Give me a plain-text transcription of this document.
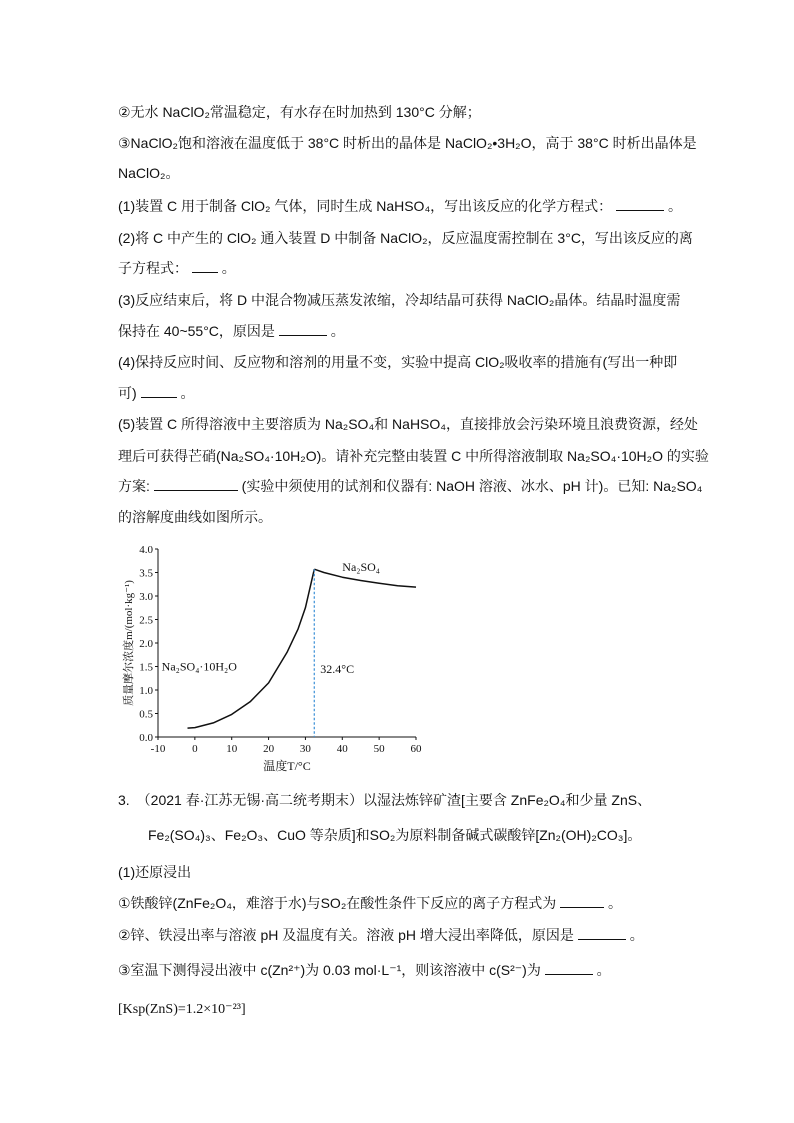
②无水 NaClO₂常温稳定，有水存在时加热到 130°C 分解；
③NaClO₂饱和溶液在温度低于 38°C 时析出的晶体是 NaClO₂•3H₂O，高于 38°C 时析出晶体是
NaClO₂。
(1)装置 C 用于制备 ClO₂ 气体，同时生成 NaHSO₄，写出该反应的化学方程式：	。
(2)将 C 中产生的 ClO₂ 通入装置 D 中制备 NaClO₂，反应温度需控制在 3°C，写出该反应的离
子方程式： 。
(3)反应结束后，将 D 中混合物减压蒸发浓缩，冷却结晶可获得 NaClO₂晶体。结晶时温度需
保持在 40~55°C，原因是	。
(4)保持反应时间、反应物和溶剂的用量不变，实验中提高 ClO₂吸收率的措施有(写出一种即
可)	。
(5)装置 C 所得溶液中主要溶质为 Na₂SO₄和 NaHSO₄，直接排放会污染环境且浪费资源，经处
理后可获得芒硝(Na₂SO₄·10H₂O)。请补充完整由装置 C 中所得溶液制取 Na₂SO₄·10H₂O 的实验
方案:	(实验中须使用的试剂和仪器有: NaOH 溶液、冰水、pH 计)。已知: Na₂SO₄
的溶解度曲线如图所示。
-10 0	10 20 30 40 50 60
0.0
0.5
1.0
1.5
2.0
2.5
3.0
3.5
4.0
Na₂SO₄·10H₂O
Na₂SO₄
32.4°C
温度T/°C
质量摩尔浓度m/(mol·kg⁻¹)
3.　（2021 春·江苏无锡·高二统考期末）以湿法炼锌矿渣[主要含 ZnFe₂O₄和少量 ZnS、
Fe₂(SO₄)₃、Fe₂O₃、CuO 等杂质]和SO₂为原料制备碱式碳酸锌[Zn₂(OH)₂CO₃]。
(1)还原浸出
①铁酸锌(ZnFe₂O₄，难溶于水)与SO₂在酸性条件下反应的离子方程式为	。
②锌、铁浸出率与溶液 pH 及温度有关。溶液 pH 增大浸出率降低，原因是	。
③室温下测得浸出液中 c(Zn²⁺)为 0.03 mol·L⁻¹，则该溶液中 c(S²⁻)为	。
[Ksp(ZnS)=1.2×10⁻²³]
